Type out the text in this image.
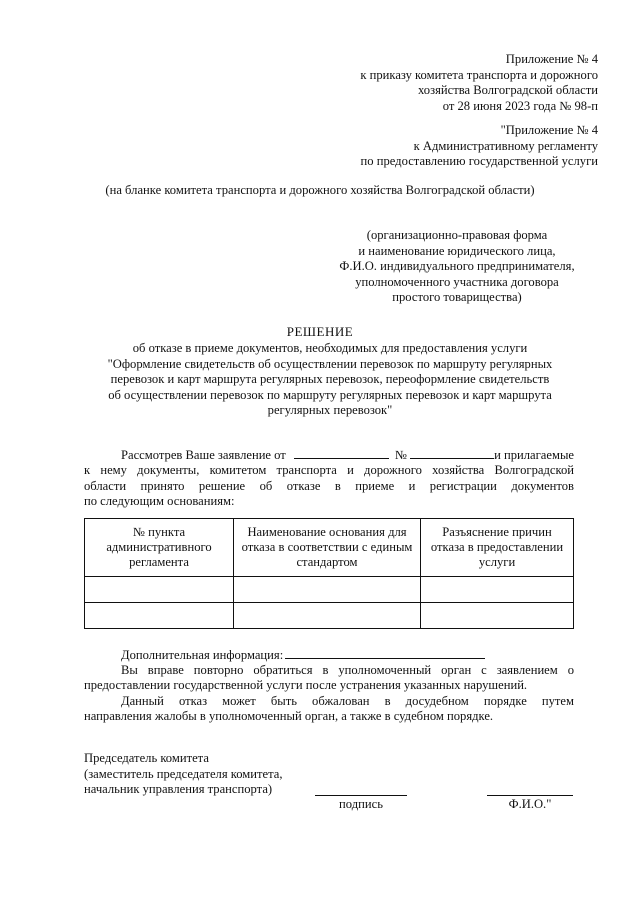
Приложение № 4
к приказу комитета транспорта и дорожного
хозяйства Волгоградской области
от 28 июня 2023 года № 98-п
"Приложение № 4
к Административному регламенту
по предоставлению государственной услуги
(на бланке комитета транспорта и дорожного хозяйства Волгоградской области)
(организационно-правовая форма
и наименование юридического лица,
Ф.И.О. индивидуального предпринимателя,
уполномоченного участника договора
простого товарищества)
РЕШЕНИЕ
об отказе в приеме документов, необходимых для предоставления услуги
"Оформление свидетельств об осуществлении перевозок по маршруту регулярных
перевозок и карт маршрута регулярных перевозок, переоформление свидетельств
об осуществлении перевозок по маршруту регулярных перевозок и карт маршрута
регулярных перевозок"
Рассмотрев Ваше заявление от	№	и прилагаемые
к нему документы, комитетом транспорта и дорожного хозяйства Волгоградской
области принято решение об отказе в приеме и регистрации документов
по следующим основаниям:
№ пункта административного регламента	Наименование основания для отказа в соответствии с единым стандартом	Разъяснение причин отказа в предоставлении услуги

Дополнительная информация:
Вы вправе повторно обратиться в уполномоченный орган с заявлением о
предоставлении государственной услуги после устранения указанных нарушений.
Данный отказ может быть обжалован в досудебном порядке путем
направления жалобы в уполномоченный орган, а также в судебном порядке.
Председатель комитета
(заместитель председателя комитета,
начальник управления транспорта)
подпись	Ф.И.О."
